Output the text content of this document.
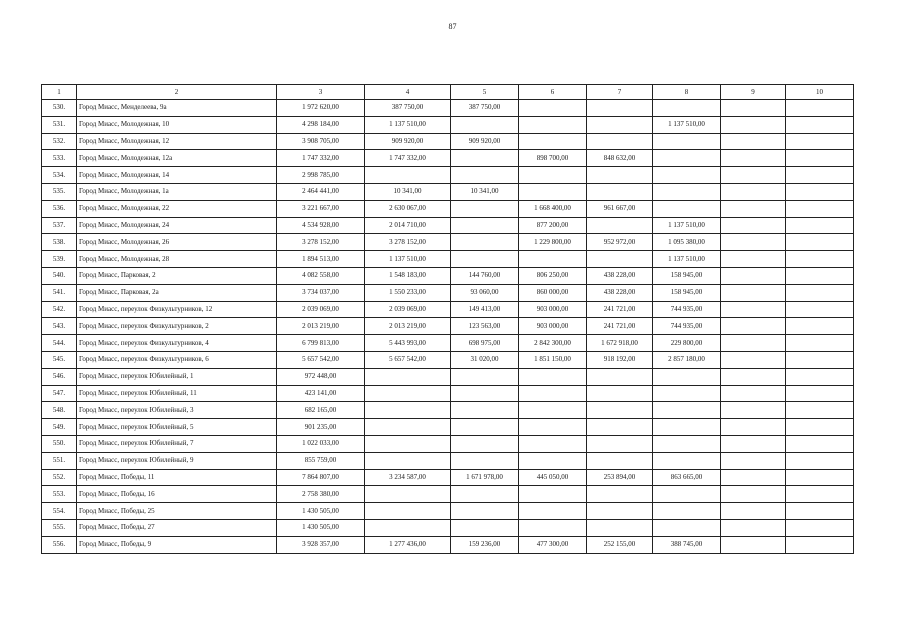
87
1	2	3	4	5	6	7	8	9	10
530.	Город Миасс, Менделеева, 9а	1 972 620,00	387 750,00	387 750,00					
531.	Город Миасс, Молодежная, 10	4 298 184,00	1 137 510,00				1 137 510,00		
532.	Город Миасс, Молодежная, 12	3 908 705,00	909 920,00	909 920,00					
533.	Город Миасс, Молодежная, 12а	1 747 332,00	1 747 332,00		898 700,00	848 632,00			
534.	Город Миасс, Молодежная, 14	2 998 785,00							
535.	Город Миасс, Молодежная, 1а	2 464 441,00	10 341,00	10 341,00					
536.	Город Миасс, Молодежная, 22	3 221 667,00	2 630 067,00		1 668 400,00	961 667,00			
537.	Город Миасс, Молодежная, 24	4 534 928,00	2 014 710,00		877 200,00		1 137 510,00		
538.	Город Миасс, Молодежная, 26	3 278 152,00	3 278 152,00		1 229 800,00	952 972,00	1 095 380,00		
539.	Город Миасс, Молодежная, 28	1 894 513,00	1 137 510,00				1 137 510,00		
540.	Город Миасс, Парковая, 2	4 082 558,00	1 548 183,00	144 760,00	806 250,00	438 228,00	158 945,00		
541.	Город Миасс, Парковая, 2а	3 734 037,00	1 550 233,00	93 060,00	860 000,00	438 228,00	158 945,00		
542.	Город Миасс, переулок Физкультурников, 12	2 039 069,00	2 039 069,00	149 413,00	903 000,00	241 721,00	744 935,00		
543.	Город Миасс, переулок Физкультурников, 2	2 013 219,00	2 013 219,00	123 563,00	903 000,00	241 721,00	744 935,00		
544.	Город Миасс, переулок Физкультурников, 4	6 799 813,00	5 443 993,00	698 975,00	2 842 300,00	1 672 918,00	229 800,00		
545.	Город Миасс, переулок Физкультурников, 6	5 657 542,00	5 657 542,00	31 020,00	1 851 150,00	918 192,00	2 857 180,00		
546.	Город Миасс, переулок Юбилейный, 1	972 448,00							
547.	Город Миасс, переулок Юбилейный, 11	423 141,00							
548.	Город Миасс, переулок Юбилейный, 3	682 165,00							
549.	Город Миасс, переулок Юбилейный, 5	901 235,00							
550.	Город Миасс, переулок Юбилейный, 7	1 022 033,00							
551.	Город Миасс, переулок Юбилейный, 9	855 759,00							
552.	Город Миасс, Победы, 11	7 864 807,00	3 234 587,00	1 671 978,00	445 050,00	253 894,00	863 665,00		
553.	Город Миасс, Победы, 16	2 758 380,00							
554.	Город Миасс, Победы, 25	1 430 505,00							
555.	Город Миасс, Победы, 27	1 430 505,00							
556.	Город Миасс, Победы, 9	3 928 357,00	1 277 436,00	159 236,00	477 300,00	252 155,00	388 745,00		
